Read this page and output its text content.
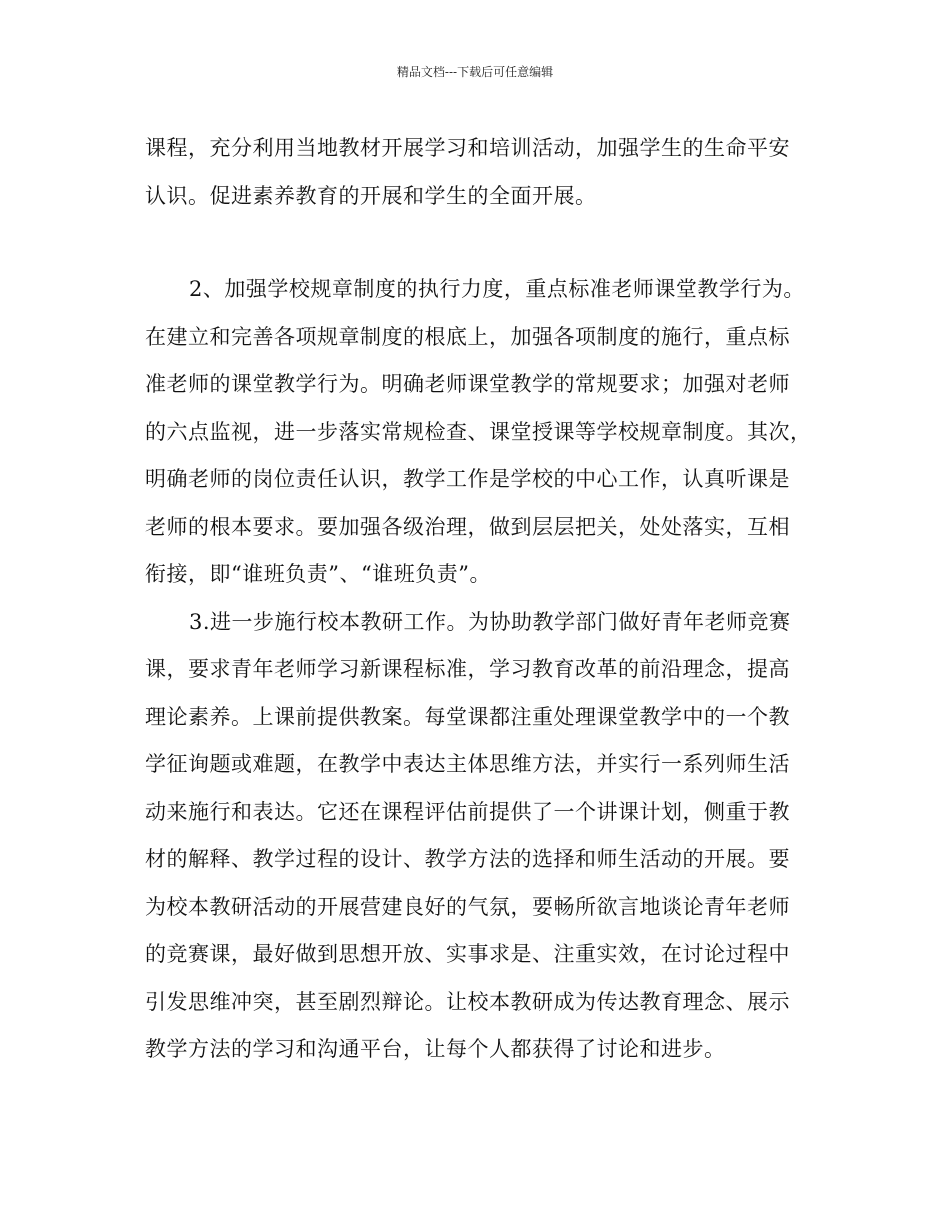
精品文档---下载后可任意编辑

课程，充分利用当地教材开展学习和培训活动，加强学生的生命平安
认识。促进素养教育的开展和学生的全面开展。

2、加强学校规章制度的执行力度，重点标准老师课堂教学行为。
在建立和完善各项规章制度的根底上，加强各项制度的施行，重点标
准老师的课堂教学行为。明确老师课堂教学的常规要求；加强对老师
的六点监视，进一步落实常规检查、课堂授课等学校规章制度。其次，
明确老师的岗位责任认识，教学工作是学校的中心工作，认真听课是
老师的根本要求。要加强各级治理，做到层层把关，处处落实，互相
衔接，即“谁班负责”、“谁班负责”。

3.进一步施行校本教研工作。为协助教学部门做好青年老师竞赛
课，要求青年老师学习新课程标准，学习教育改革的前沿理念，提高
理论素养。上课前提供教案。每堂课都注重处理课堂教学中的一个教
学征询题或难题，在教学中表达主体思维方法，并实行一系列师生活
动来施行和表达。它还在课程评估前提供了一个讲课计划，侧重于教
材的解释、教学过程的设计、教学方法的选择和师生活动的开展。要
为校本教研活动的开展营建良好的气氛，要畅所欲言地谈论青年老师
的竞赛课，最好做到思想开放、实事求是、注重实效，在讨论过程中
引发思维冲突，甚至剧烈辩论。让校本教研成为传达教育理念、展示
教学方法的学习和沟通平台，让每个人都获得了讨论和进步。
